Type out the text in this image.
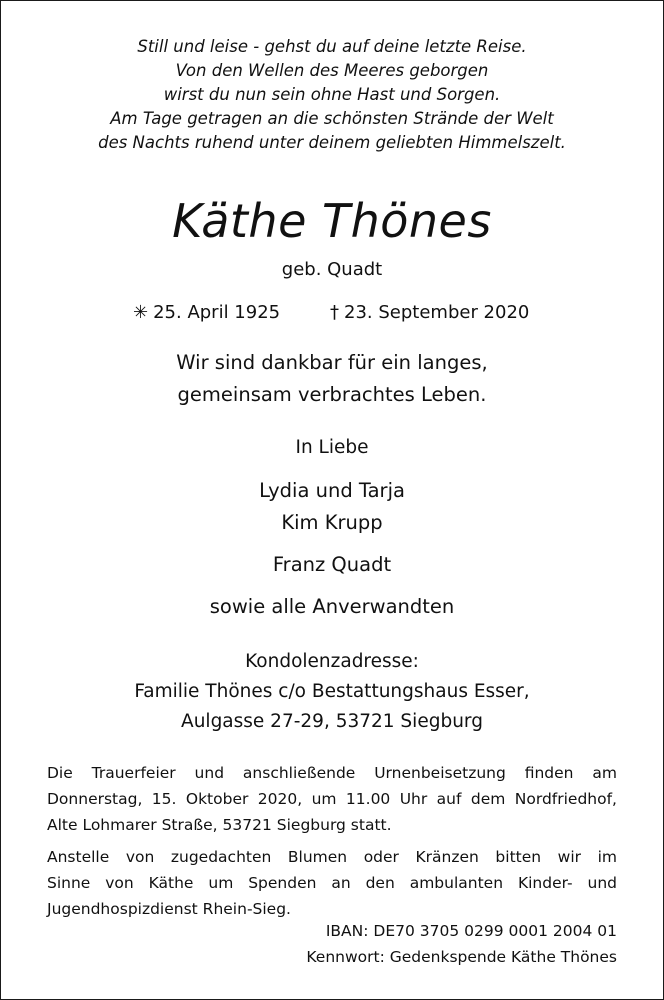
Still und leise - gehst du auf deine letzte Reise.
Von den Wellen des Meeres geborgen
wirst du nun sein ohne Hast und Sorgen.
Am Tage getragen an die schönsten Strände der Welt
des Nachts ruhend unter deinem geliebten Himmelszelt.
Käthe Thönes
geb. Quadt
✳ 25. April 1925	† 23. September 2020
Wir sind dankbar für ein langes,
gemeinsam verbrachtes Leben.
In Liebe
Lydia und Tarja
Kim Krupp
Franz Quadt
sowie alle Anverwandten
Kondolenzadresse:
Familie Thönes c/o Bestattungshaus Esser,
Aulgasse 27-29, 53721 Siegburg
Die Trauerfeier und anschließende Urnenbeisetzung finden am
Donnerstag, 15. Oktober 2020, um 11.00 Uhr auf dem Nordfriedhof,
Alte Lohmarer Straße, 53721 Siegburg statt.
Anstelle von zugedachten Blumen oder Kränzen bitten wir im
Sinne von Käthe um Spenden an den ambulanten Kinder- und
Jugendhospizdienst Rhein-Sieg.
IBAN: DE70 3705 0299 0001 2004 01
Kennwort: Gedenkspende Käthe Thönes
